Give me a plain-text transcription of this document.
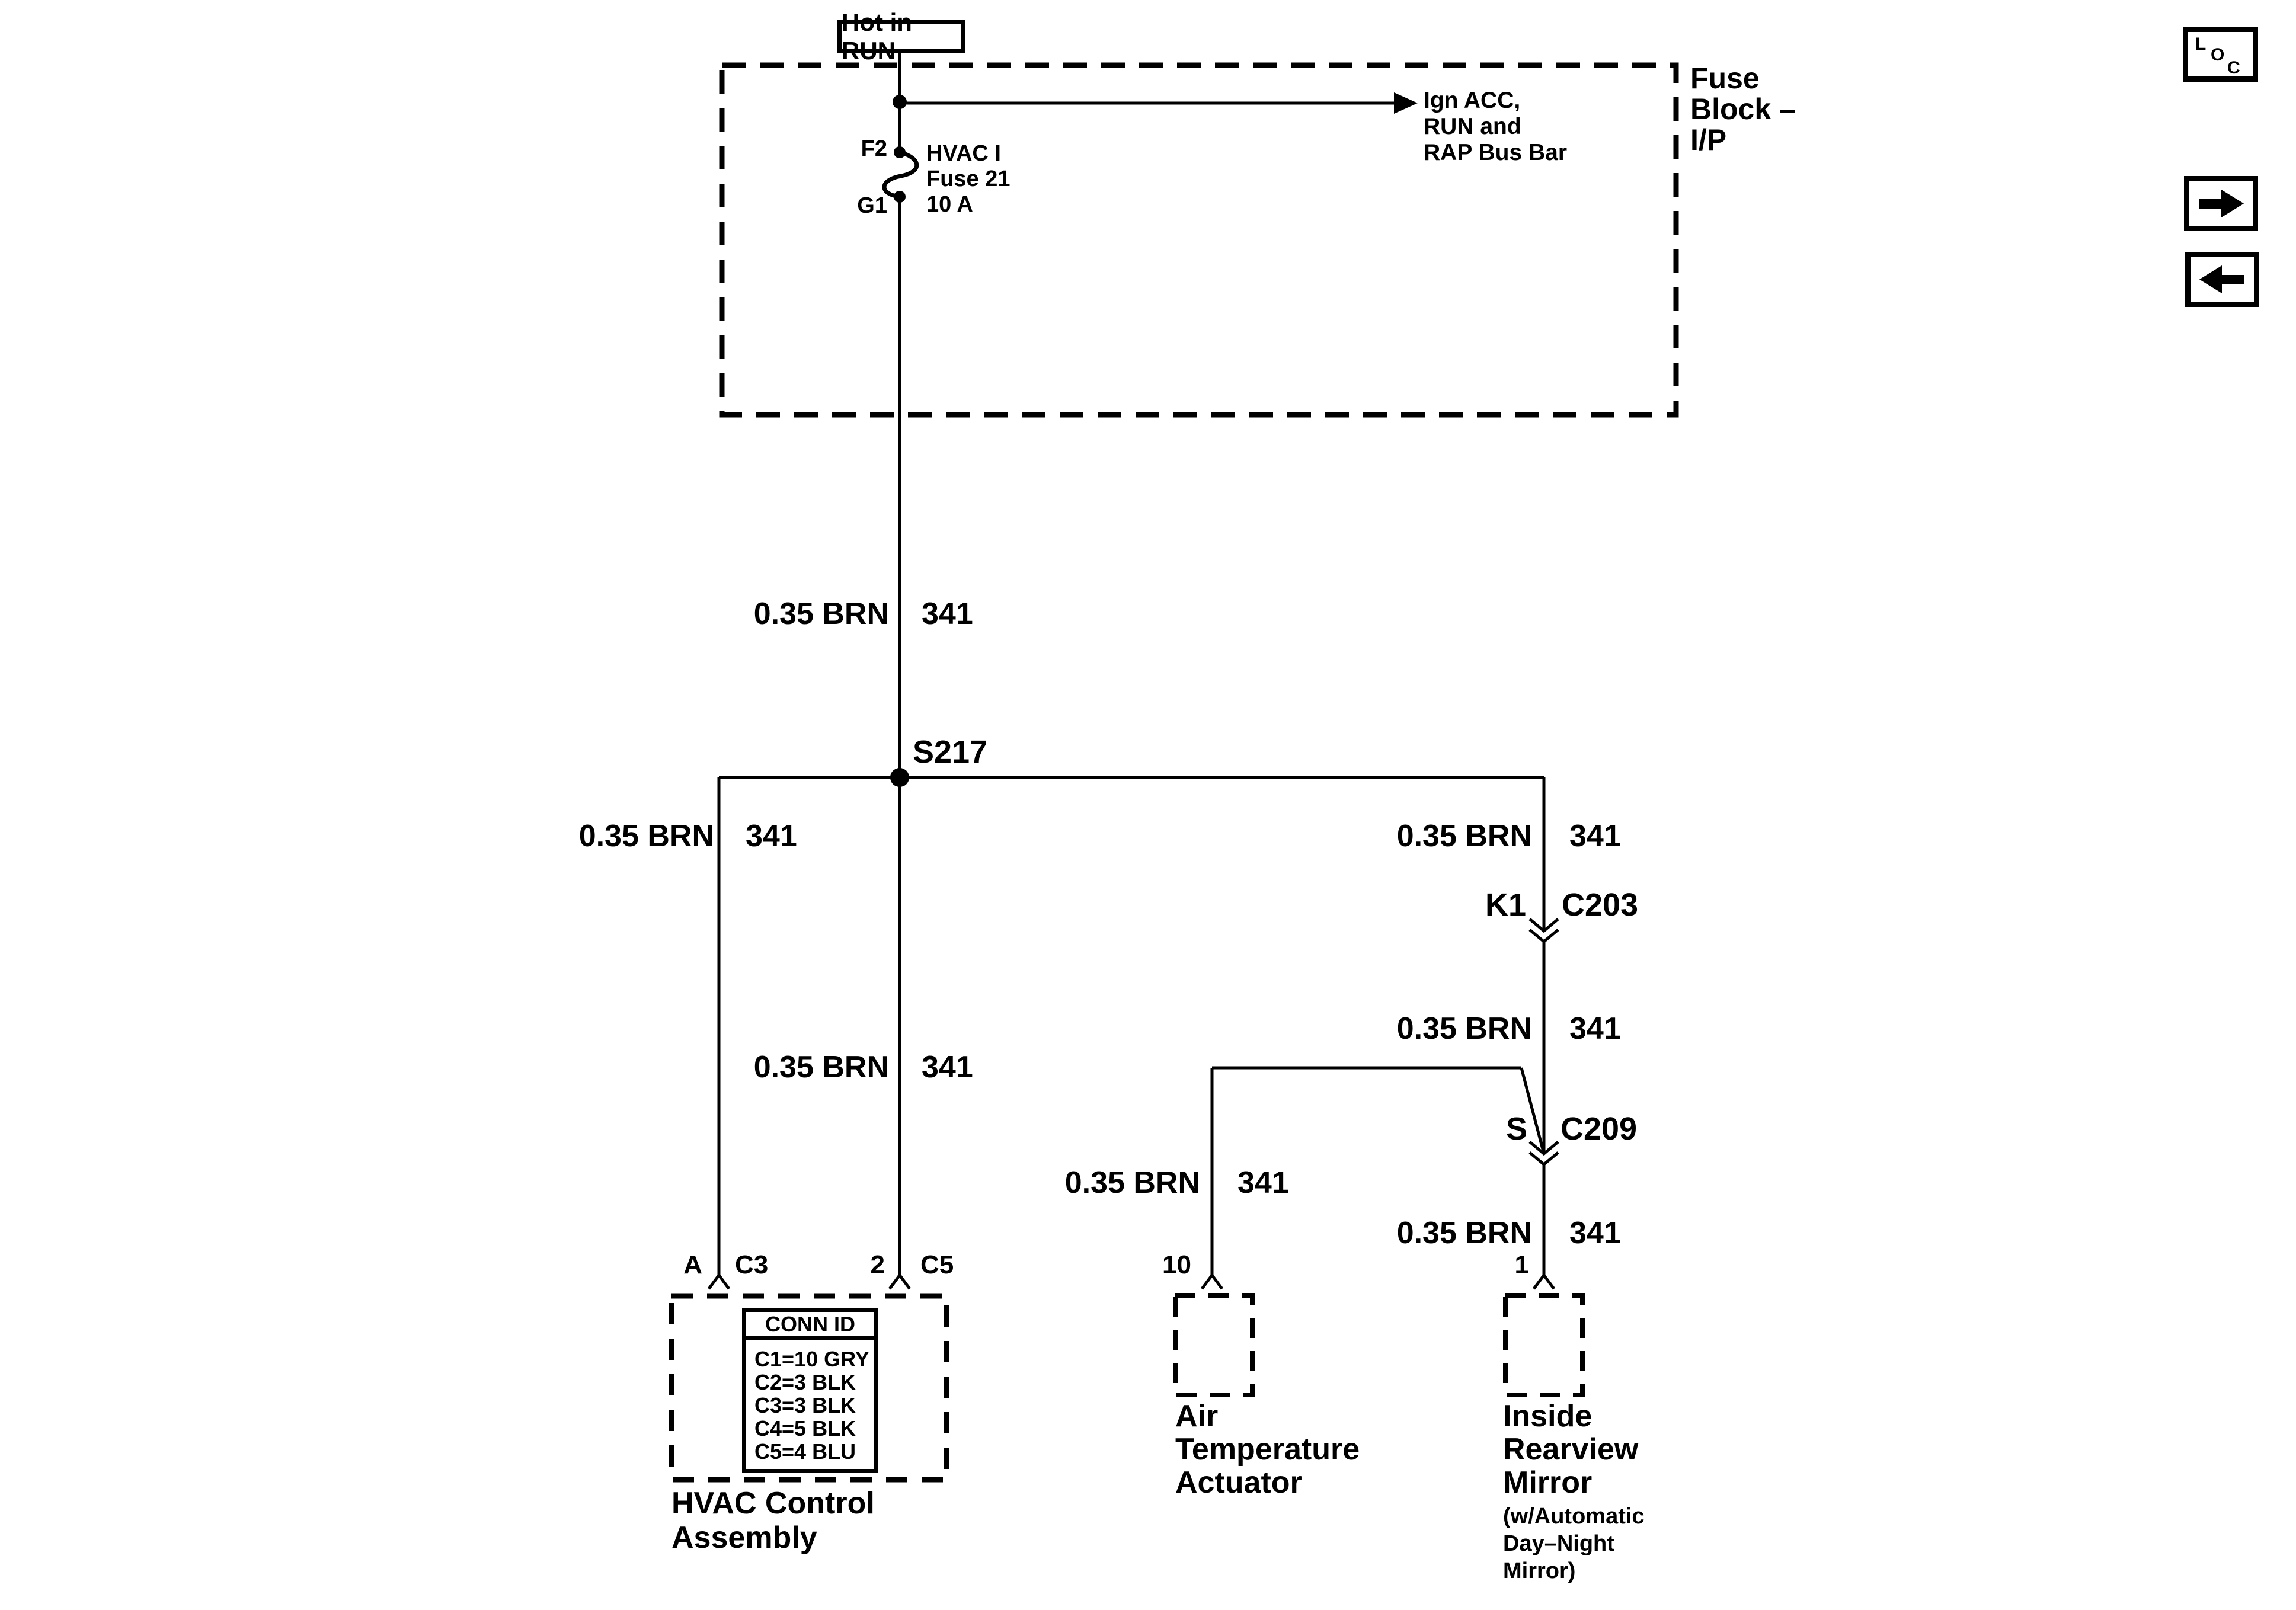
Hot in RUN
Fuse
Block –
I/P
Ign ACC,
RUN and
RAP Bus Bar
F2
G1
HVAC I
Fuse 21
10 A
0.35 BRN 341
S217
0.35 BRN 341	0.35 BRN 341
K1 C203
0.35 BRN 341
0.35 BRN 341
S C209
0.35 BRN 341
0.35 BRN 341
A C3	2 C5	10	1
CONN ID
C1=10 GRY
C2=3 BLK
C3=3 BLK
C4=5 BLK
C5=4 BLU
HVAC Control
Assembly
Air
Temperature
Actuator
Inside
Rearview
Mirror
(w/Automatic
Day–Night
Mirror)
L
O
C
